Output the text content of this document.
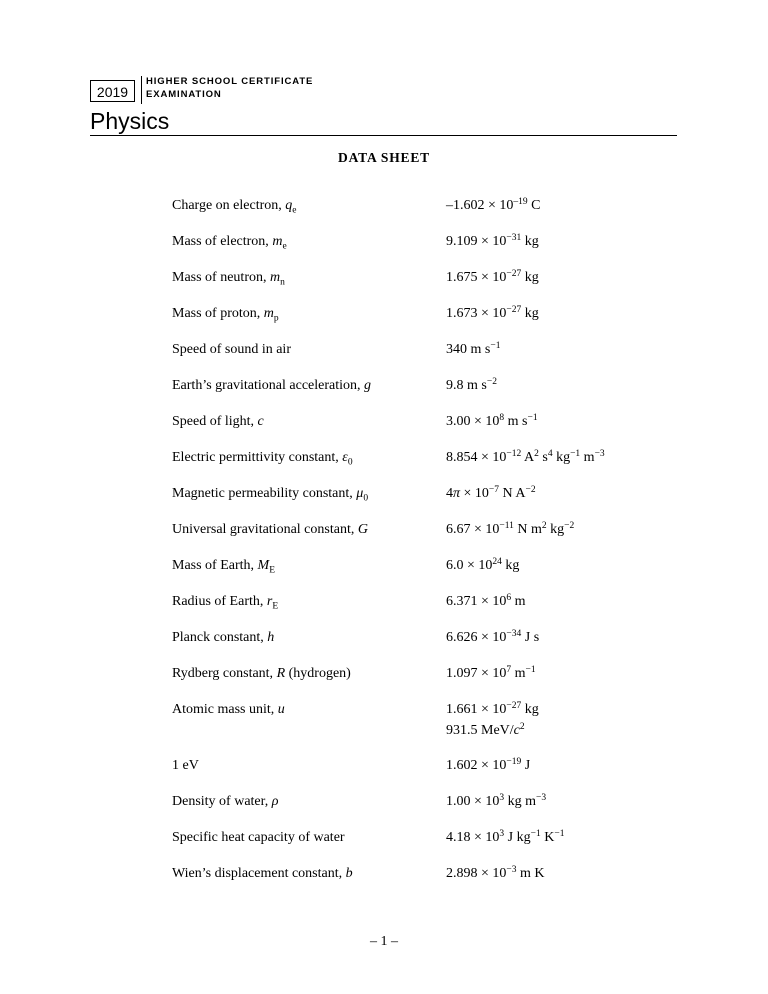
2019
HIGHER SCHOOL CERTIFICATE
EXAMINATION
Physics
DATA SHEET
Charge on electron, $q_e$	$-1.602 \times 10^{-19}$ C
Mass of electron, $m_e$	$9.109 \times 10^{-31}$ kg
Mass of neutron, $m_n$	$1.675 \times 10^{-27}$ kg
Mass of proton, $m_p$	$1.673 \times 10^{-27}$ kg
Speed of sound in air	340 m $s^{-1}$
Earth’s gravitational acceleration, g	9.8 m $s^{-2}$
Speed of light, c	$3.00 \times 10^8$ m $s^{-1}$
Electric permittivity constant, $\varepsilon_0$	$8.854 \times 10^{-12}$ $A^2$ $s^4$ $kg^{-1}$ $m^{-3}$
Magnetic permeability constant, $\mu_0$	$4\pi \times 10^{-7}$ N $A^{-2}$
Universal gravitational constant, G	$6.67 \times 10^{-11}$ N $m^2$ $kg^{-2}$
Mass of Earth, $M_E$	$6.0 \times 10^{24}$ kg
Radius of Earth, $r_E$	$6.371 \times 10^6$ m
Planck constant, h	$6.626 \times 10^{-34}$ J s
Rydberg constant, R (hydrogen)	$1.097 \times 10^7$ $m^{-1}$
Atomic mass unit, u	$1.661 \times 10^{-27}$ kg
931.5 MeV/$c^2$
1 eV	$1.602 \times 10^{-19}$ J
Density of water, ρ	$1.00 \times 10^3$ kg $m^{-3}$
Specific heat capacity of water	$4.18 \times 10^3$ J $kg^{-1}$ $K^{-1}$
Wien’s displacement constant, b	$2.898 \times 10^{-3}$ m K
– 1 –
